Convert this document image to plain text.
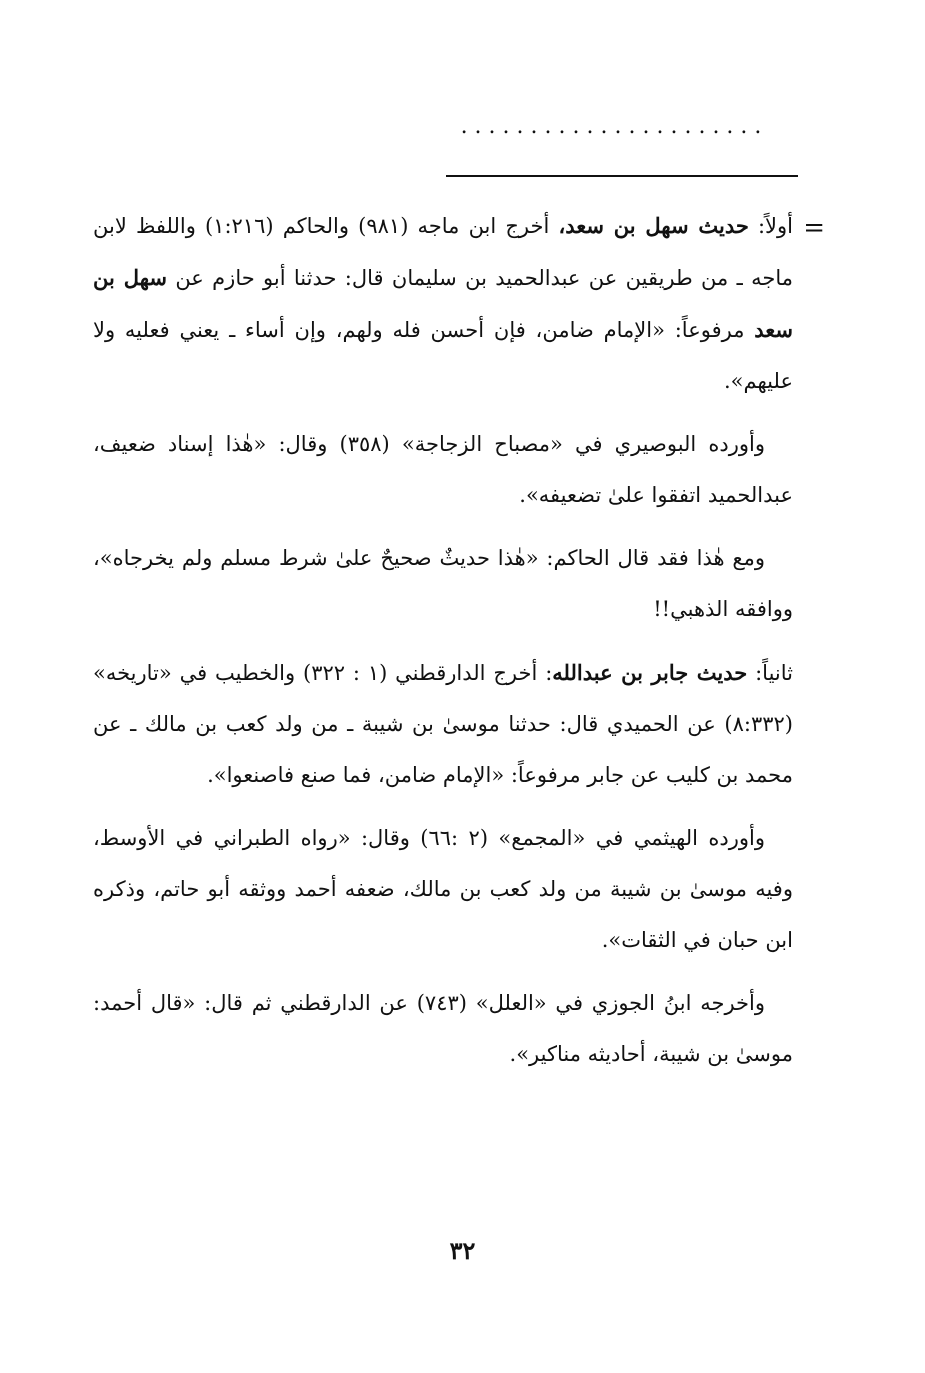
......................
=

أولاً: حديث سهل بن سعد، أخرج ابن ماجه (٩٨١) والحاكم (١:٢١٦) واللفظ لابن ماجه ـ من طريقين عن عبدالحميد بن سليمان قال: حدثنا أبو حازم عن سهل بن سعد مرفوعاً: «الإمام ضامن، فإن أحسن فله ولهم، وإن أساء ـ يعني فعليه ولا عليهم».

وأورده البوصيري في «مصباح الزجاجة» (٣٥٨) وقال: «هٰذا إسناد ضعيف، عبدالحميد اتفقوا علىٰ تضعيفه».

ومع هٰذا فقد قال الحاكم: «هٰذا حديثٌ صحيحٌ علىٰ شرط مسلم ولم يخرجاه»، ووافقه الذهبي!!

ثانياً: حديث جابر بن عبدالله: أخرج الدارقطني (١ : ٣٢٢) والخطيب في «تاريخه» (٨:٣٣٢) عن الحميدي قال: حدثنا موسىٰ بن شيبة ـ من ولد كعب بن مالك ـ عن محمد بن كليب عن جابر مرفوعاً: «الإمام ضامن، فما صنع فاصنعوا».

وأورده الهيثمي في «المجمع» (٢ :٦٦) وقال: «رواه الطبراني في الأوسط، وفيه موسىٰ بن شيبة من ولد كعب بن مالك، ضعفه أحمد ووثقه أبو حاتم، وذكره ابن حبان في الثقات».

وأخرجه ابنُ الجوزي في «العلل» (٧٤٣) عن الدارقطني ثم قال: «قال أحمد: موسىٰ بن شيبة، أحاديثه مناكير».

٣٢
